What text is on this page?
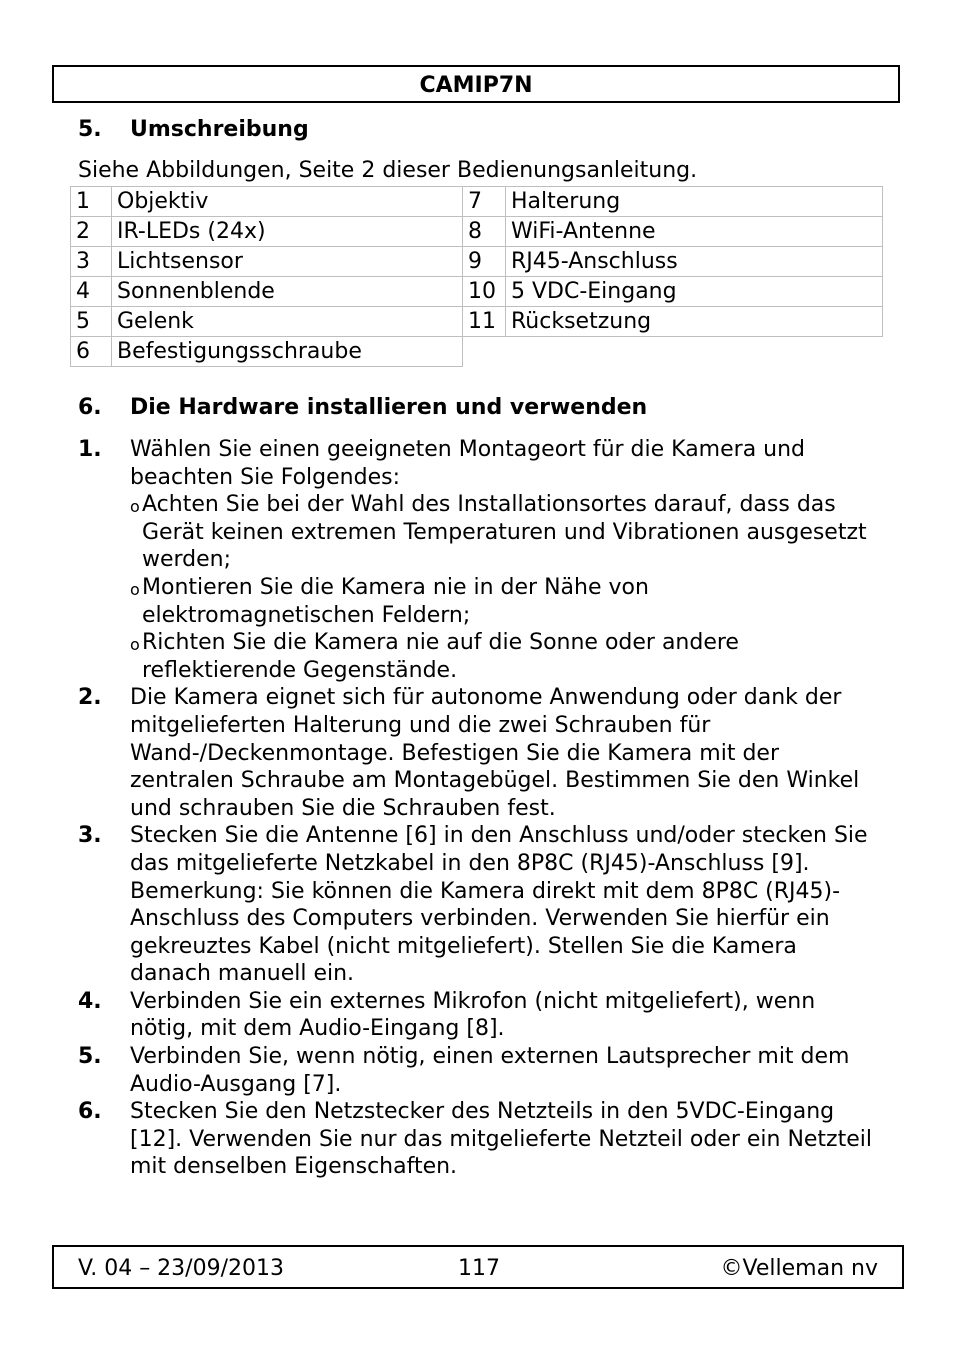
CAMIP7N
5. Umschreibung
Siehe Abbildungen, Seite 2 dieser Bedienungsanleitung.
1	Objektiv	7	Halterung
2	IR-LEDs (24x)	8	WiFi-Antenne
3	Lichtsensor	9	RJ45-Anschluss
4	Sonnenblende	10	5 VDC-Eingang
5	Gelenk	11	Rücksetzung
6	Befestigungsschraube		
6. Die Hardware installieren und verwenden
1.	Wählen Sie einen geeigneten Montageort für die Kamera und beachten Sie Folgendes:
o Achten Sie bei der Wahl des Installationsortes darauf, dass das Gerät keinen extremen Temperaturen und Vibrationen ausgesetzt werden;
o Montieren Sie die Kamera nie in der Nähe von elektromagnetischen Feldern;
o Richten Sie die Kamera nie auf die Sonne oder andere reflektierende Gegenstände.
2.	Die Kamera eignet sich für autonome Anwendung oder dank der mitgelieferten Halterung und die zwei Schrauben für Wand-/Deckenmontage. Befestigen Sie die Kamera mit der zentralen Schraube am Montagebügel. Bestimmen Sie den Winkel und schrauben Sie die Schrauben fest.
3.	Stecken Sie die Antenne [6] in den Anschluss und/oder stecken Sie das mitgelieferte Netzkabel in den 8P8C (RJ45)-Anschluss [9].
Bemerkung: Sie können die Kamera direkt mit dem 8P8C (RJ45)-Anschluss des Computers verbinden. Verwenden Sie hierfür ein gekreuztes Kabel (nicht mitgeliefert). Stellen Sie die Kamera danach manuell ein.
4.	Verbinden Sie ein externes Mikrofon (nicht mitgeliefert), wenn nötig, mit dem Audio-Eingang [8].
5.	Verbinden Sie, wenn nötig, einen externen Lautsprecher mit dem Audio-Ausgang [7].
6.	Stecken Sie den Netzstecker des Netzteils in den 5VDC-Eingang [12]. Verwenden Sie nur das mitgelieferte Netzteil oder ein Netzteil mit denselben Eigenschaften.
V. 04 – 23/09/2013	117	©Velleman nv
